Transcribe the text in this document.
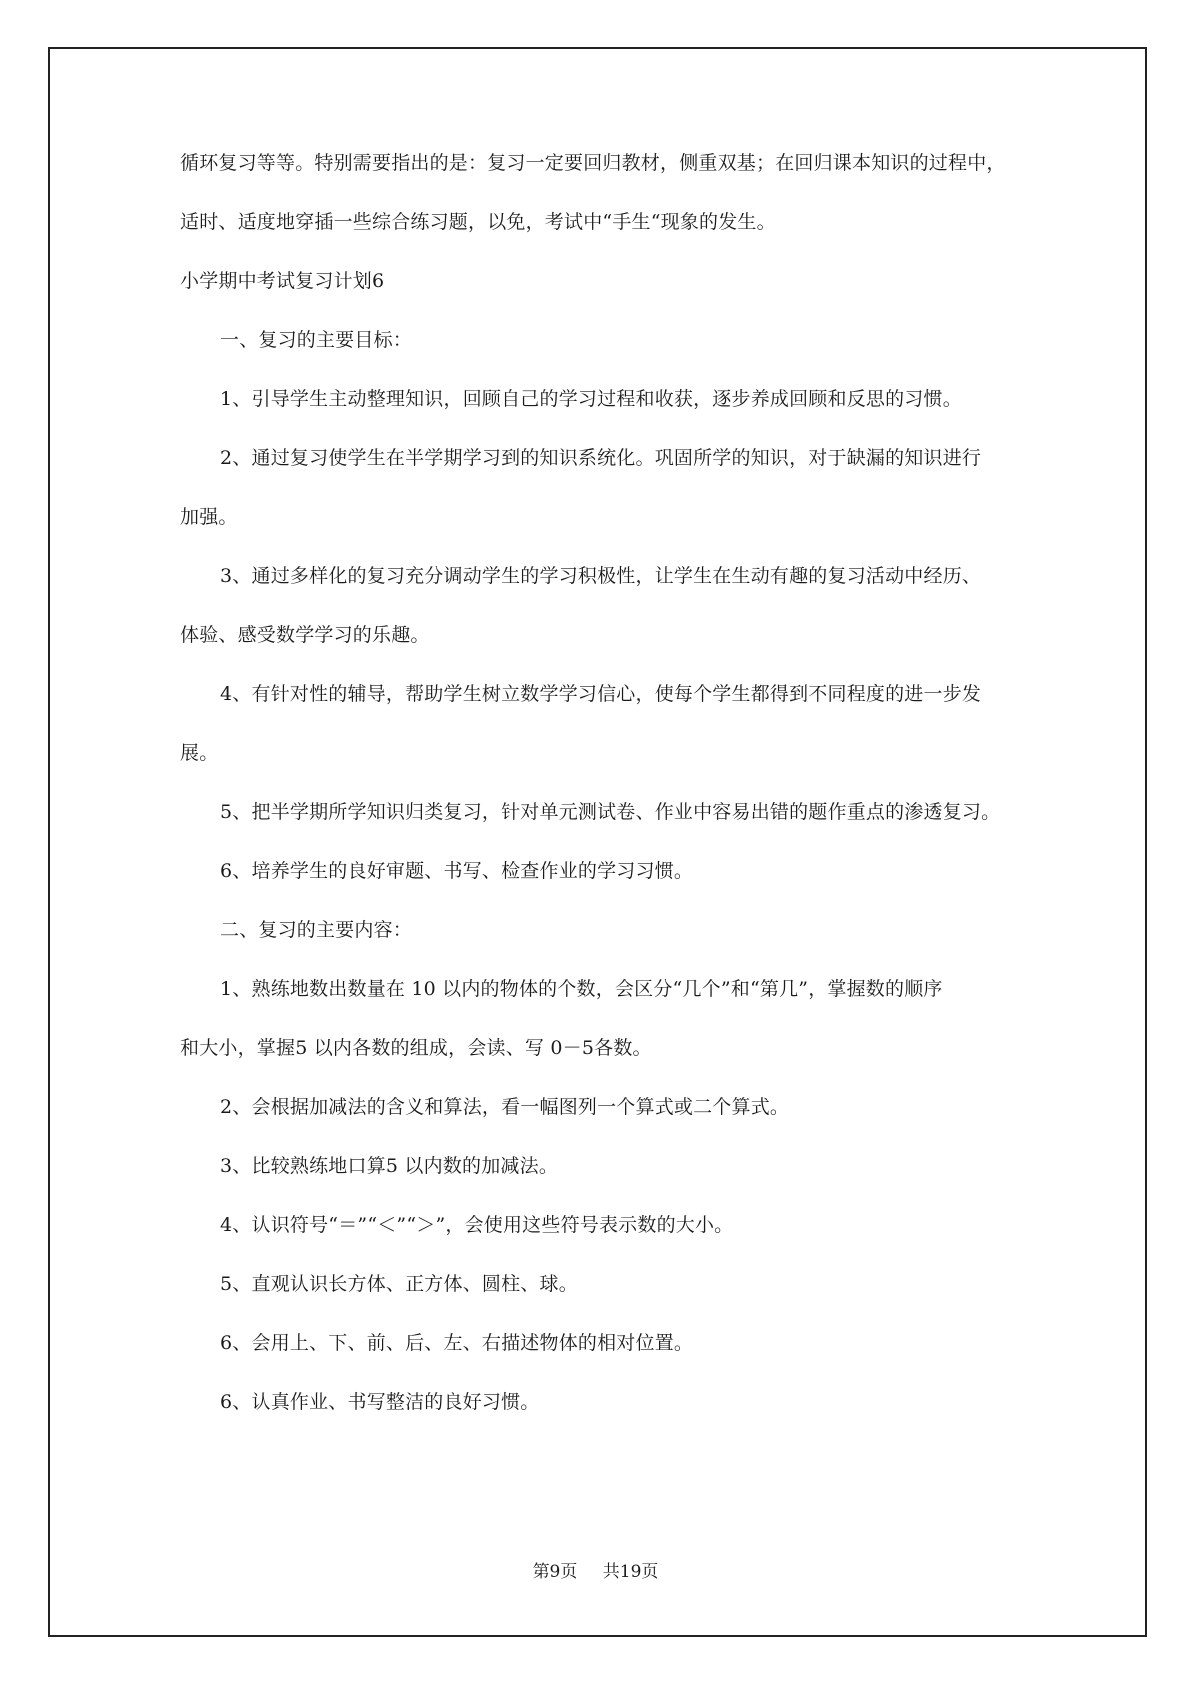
循环复习等等。特别需要指出的是：复习一定要回归教材，侧重双基；在回归课本知识的过程中，
适时、适度地穿插一些综合练习题，以免，考试中“手生“现象的发生。
小学期中考试复习计划6
一、复习的主要目标：
1、引导学生主动整理知识，回顾自己的学习过程和收获，逐步养成回顾和反思的习惯。
2、通过复习使学生在半学期学习到的知识系统化。巩固所学的知识，对于缺漏的知识进行
加强。
3、通过多样化的复习充分调动学生的学习积极性，让学生在生动有趣的复习活动中经历、
体验、感受数学学习的乐趣。
4、有针对性的辅导，帮助学生树立数学学习信心，使每个学生都得到不同程度的进一步发
展。
5、把半学期所学知识归类复习，针对单元测试卷、作业中容易出错的题作重点的渗透复习。
6、培养学生的良好审题、书写、检查作业的学习习惯。
二、复习的主要内容：
1、熟练地数出数量在 10 以内的物体的个数，会区分“几个”和“第几”，掌握数的顺序
和大小，掌握5 以内各数的组成，会读、写 0－5各数。
2、会根据加减法的含义和算法，看一幅图列一个算式或二个算式。
3、比较熟练地口算5 以内数的加减法。
4、认识符号“＝”“＜”“＞”，会使用这些符号表示数的大小。
5、直观认识长方体、正方体、圆柱、球。
6、会用上、下、前、后、左、右描述物体的相对位置。
6、认真作业、书写整洁的良好习惯。
第9页 共19页
